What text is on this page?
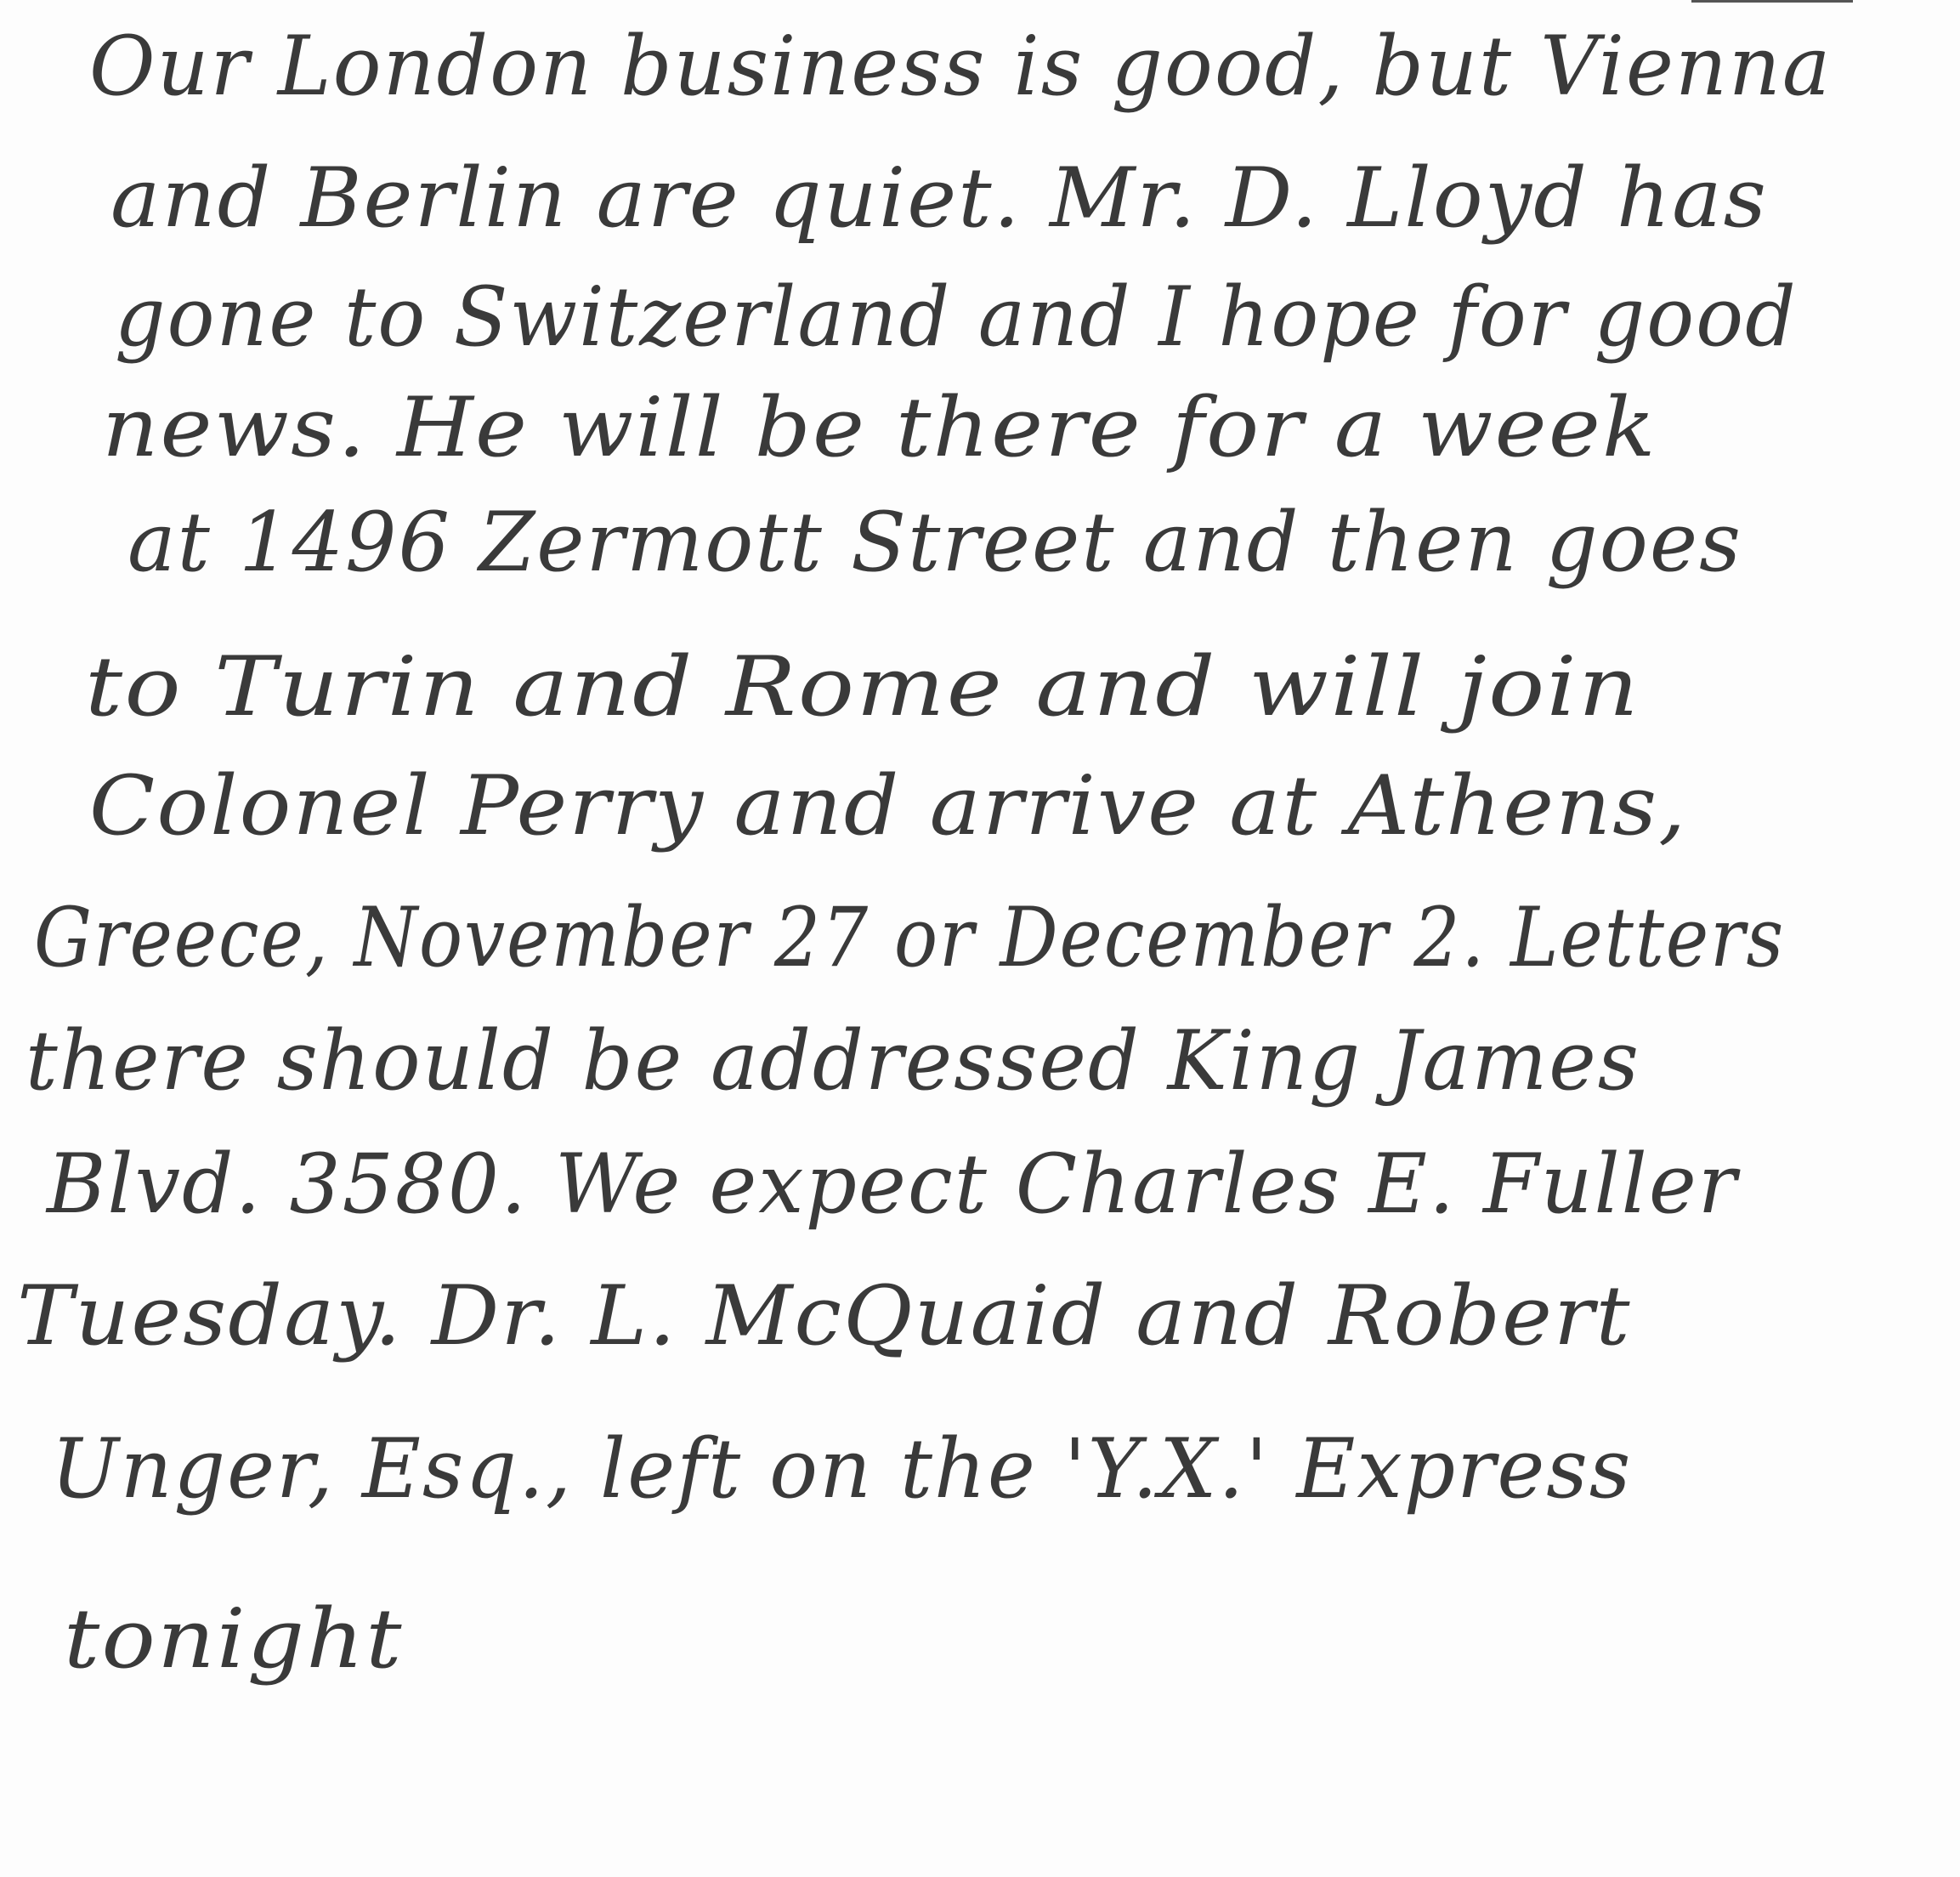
Our London business is good, but Vienna
and Berlin are quiet. Mr. D. Lloyd has
gone to Switzerland and I hope for good
news. He will be there for a week
at 1496 Zermott Street and then goes
to Turin and Rome and will join
Colonel Perry and arrive at Athens,
Greece, November 27 or December 2. Letters
there should be addressed King James
Blvd. 3580. We expect Charles E. Fuller
Tuesday. Dr. L. McQuaid and Robert
Unger, Esq., left on the 'Y.X.' Express
tonight
